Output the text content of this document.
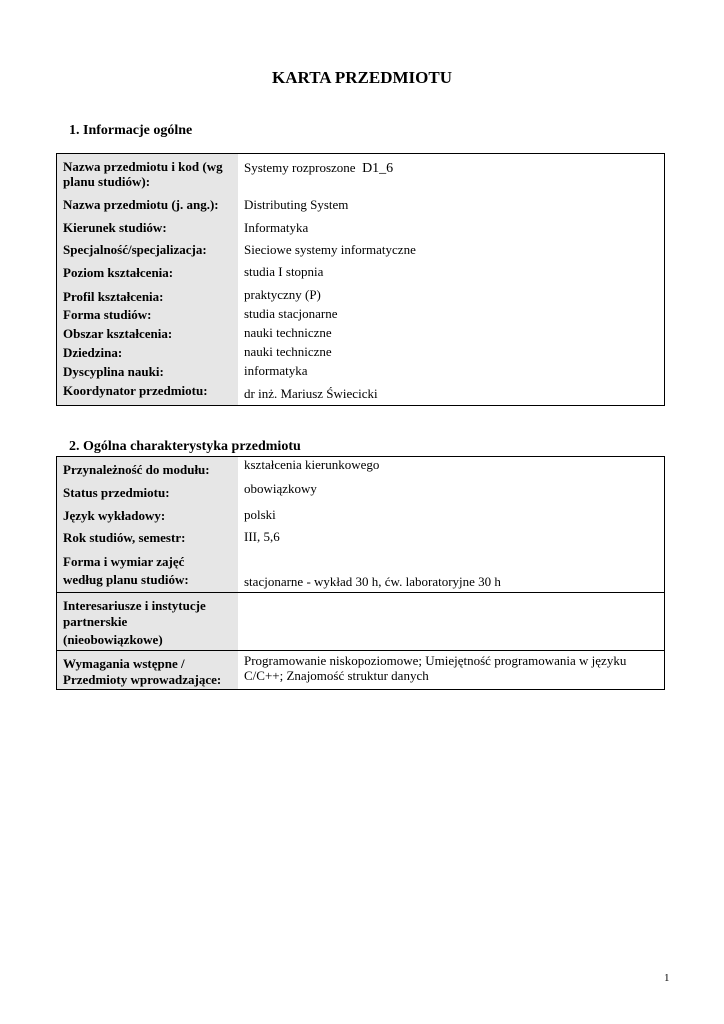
KARTA PRZEDMIOTU
1. Informacje ogólne
Nazwa przedmiotu i kod (wg planu studiów):
Systemy rozproszone D1_6
Nazwa przedmiotu (j. ang.): Distributing System
Kierunek studiów:	Informatyka
Specjalność/specjalizacja:	Sieciowe systemy informatyczne
Poziom kształcenia:	studia I stopnia
Profil kształcenia:	praktyczny (P)
Forma studiów:	studia stacjonarne
Obszar kształcenia:	nauki techniczne
Dziedzina:	nauki techniczne
Dyscyplina nauki:	informatyka
Koordynator przedmiotu:	dr inż. Mariusz Świecicki
2. Ogólna charakterystyka przedmiotu
Przynależność do modułu:	kształcenia kierunkowego
Status przedmiotu:	obowiązkowy
Język wykładowy:	polski
Rok studiów, semestr:	III, 5,6
Forma i wymiar zajęć
według planu studiów:	stacjonarne - wykład 30 h, ćw. laboratoryjne 30 h
Interesariusze i instytucje
partnerskie
(nieobowiązkowe)
Wymagania wstępne /
Przedmioty wprowadzające:
Programowanie niskopoziomowe; Umiejętność programowania w języku
C/C++; Znajomość struktur danych
1
